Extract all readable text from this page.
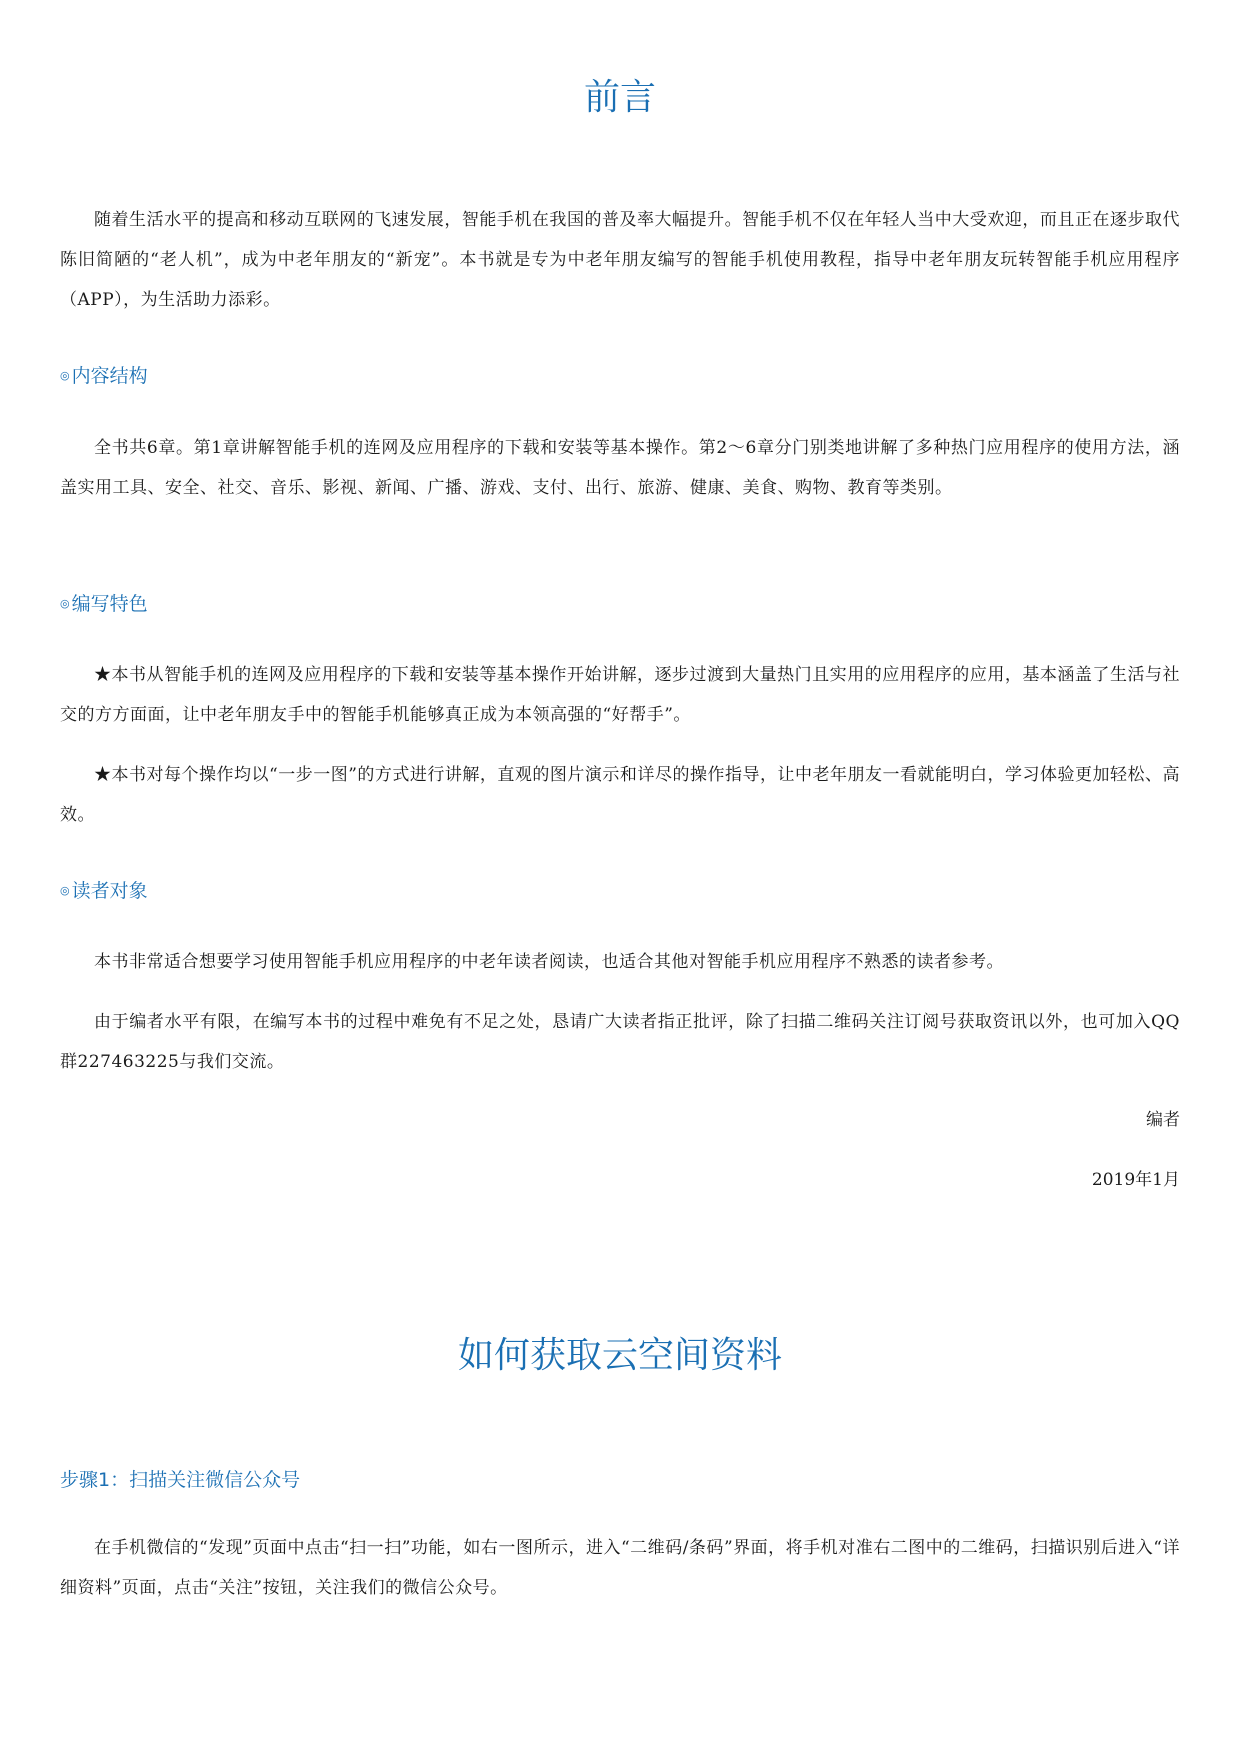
前言

随着生活水平的提高和移动互联网的飞速发展，智能手机在我国的普及率大幅提升。智能手机不仅在年轻人当中大受欢迎，而且正在逐步取代陈旧简陋的“老人机”，成为中老年朋友的“新宠”。本书就是专为中老年朋友编写的智能手机使用教程，指导中老年朋友玩转智能手机应用程序（APP），为生活助力添彩。

◎ 内容结构

全书共6章。第1章讲解智能手机的连网及应用程序的下载和安装等基本操作。第2～6章分门别类地讲解了多种热门应用程序的使用方法，涵盖实用工具、安全、社交、音乐、影视、新闻、广播、游戏、支付、出行、旅游、健康、美食、购物、教育等类别。

◎ 编写特色

★本书从智能手机的连网及应用程序的下载和安装等基本操作开始讲解，逐步过渡到大量热门且实用的应用程序的应用，基本涵盖了生活与社交的方方面面，让中老年朋友手中的智能手机能够真正成为本领高强的“好帮手”。

★本书对每个操作均以“一步一图”的方式进行讲解，直观的图片演示和详尽的操作指导，让中老年朋友一看就能明白，学习体验更加轻松、高效。

◎ 读者对象

本书非常适合想要学习使用智能手机应用程序的中老年读者阅读，也适合其他对智能手机应用程序不熟悉的读者参考。

由于编者水平有限，在编写本书的过程中难免有不足之处，恳请广大读者指正批评，除了扫描二维码关注订阅号获取资讯以外，也可加入QQ群227463225与我们交流。

编者

2019年1月

如何获取云空间资料
步骤1：扫描关注微信公众号

在手机微信的“发现”页面中点击“扫一扫”功能，如右一图所示，进入“二维码/条码”界面，将手机对准右二图中的二维码，扫描识别后进入“详细资料”页面，点击“关注”按钮，关注我们的微信公众号。
